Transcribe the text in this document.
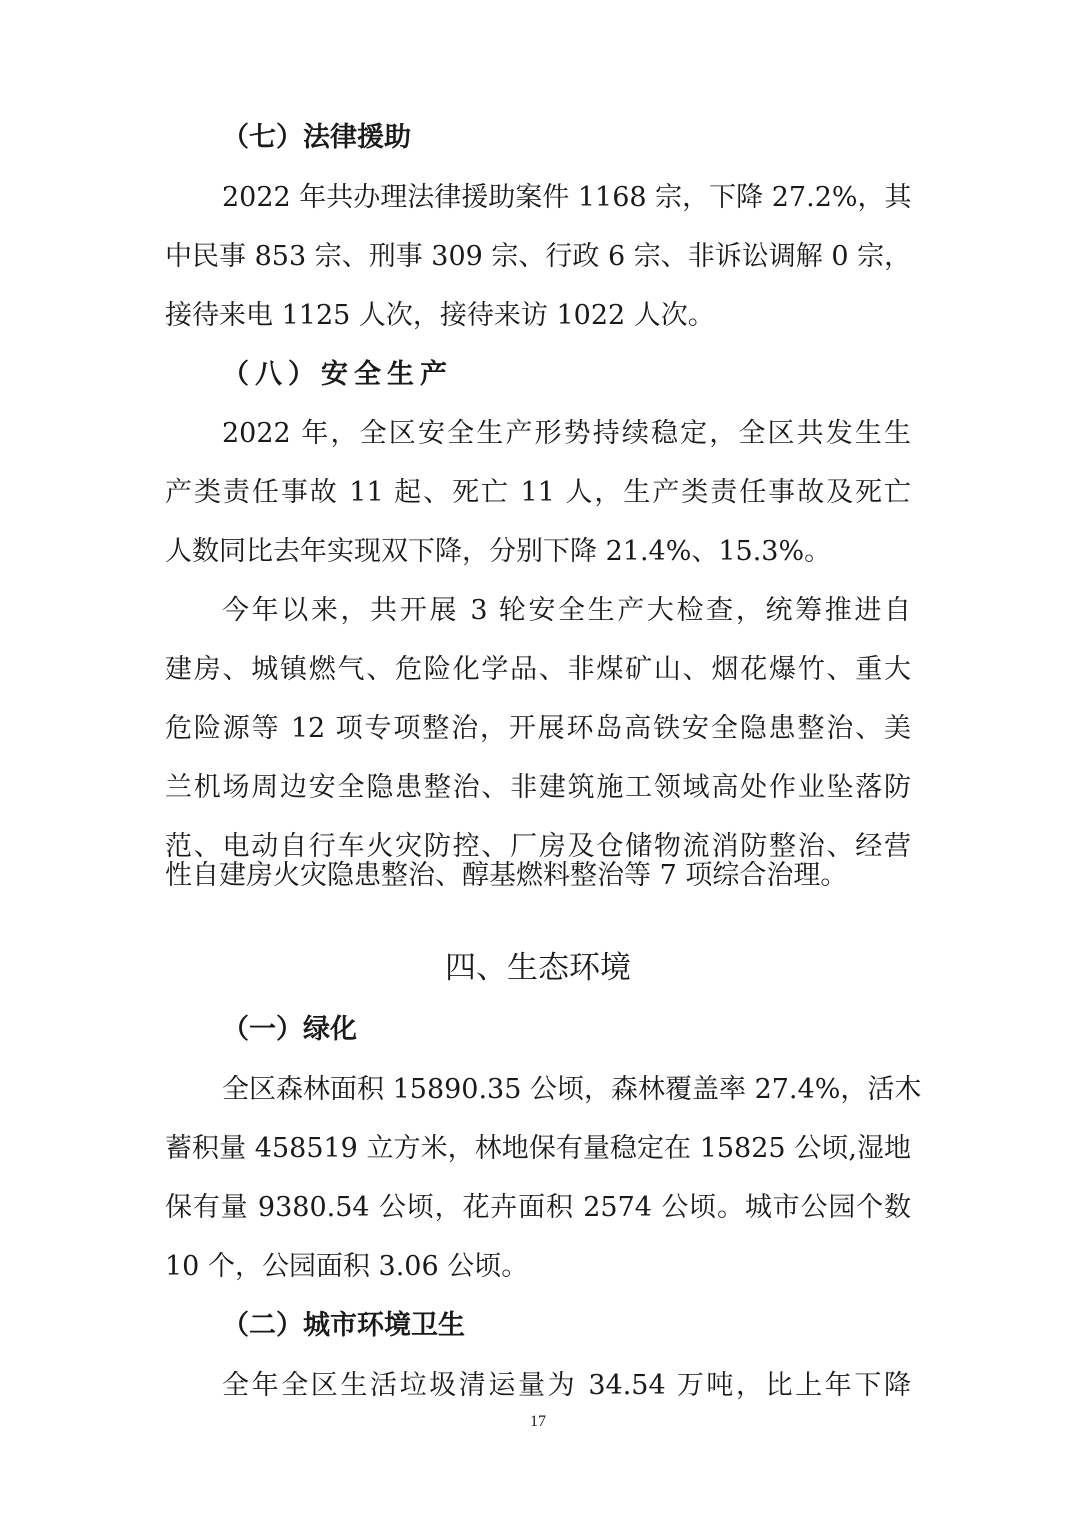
（七）法律援助
2022 年共办理法律援助案件 1168 宗，下降 27.2%，其
中民事 853 宗、刑事 309 宗、行政 6 宗、非诉讼调解 0 宗，
接待来电 1125 人次，接待来访 1022 人次。
（八）安全生产
2022 年，全区安全生产形势持续稳定，全区共发生生
产类责任事故 11 起、死亡 11 人，生产类责任事故及死亡
人数同比去年实现双下降，分别下降 21.4%、15.3%。
今年以来，共开展 3 轮安全生产大检查，统筹推进自
建房、城镇燃气、危险化学品、非煤矿山、烟花爆竹、重大
危险源等 12 项专项整治，开展环岛高铁安全隐患整治、美
兰机场周边安全隐患整治、非建筑施工领域高处作业坠落防
范、电动自行车火灾防控、厂房及仓储物流消防整治、经营
性自建房火灾隐患整治、醇基燃料整治等 7 项综合治理。
四、生态环境
（一）绿化
全区森林面积 15890.35 公顷，森林覆盖率 27.4%，活木
蓄积量 458519 立方米，林地保有量稳定在 15825 公顷,湿地
保有量 9380.54 公顷，花卉面积 2574 公顷。城市公园个数
10 个，公园面积 3.06 公顷。
（二）城市环境卫生
全年全区生活垃圾清运量为 34.54 万吨，比上年下降
17
